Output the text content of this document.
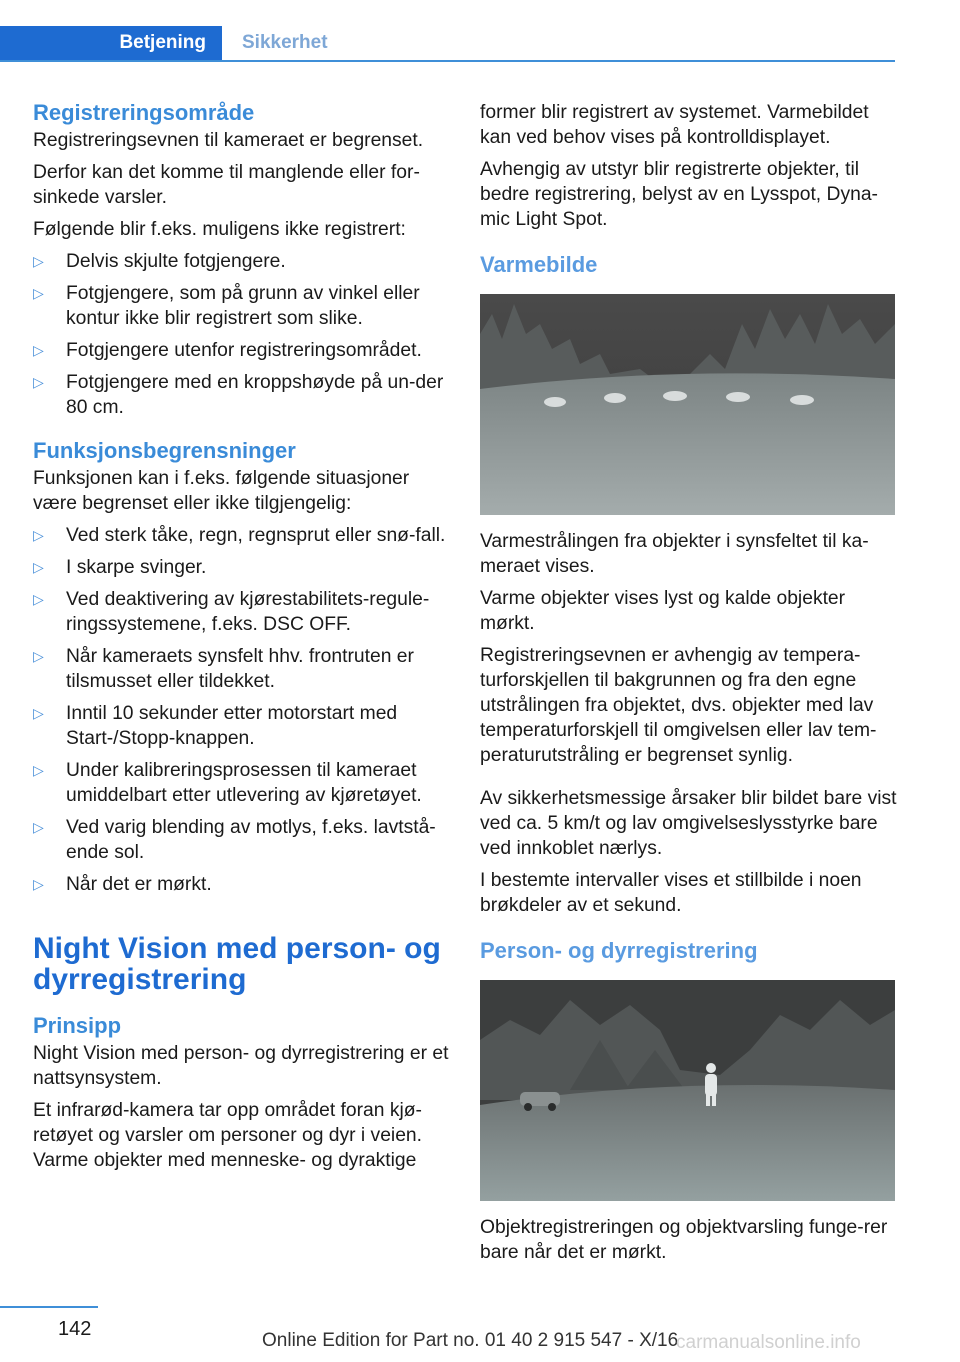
Betjening	Sikkerhet
Registreringsområde

Registreringsevnen til kameraet er begrenset.

Derfor kan det komme til manglende eller for-sinkede varsler.

Følgende blir f.eks. muligens ikke registrert:

▷ Delvis skjulte fotgjengere.
▷ Fotgjengere, som på grunn av vinkel eller kontur ikke blir registrert som slike.
▷ Fotgjengere utenfor registreringsområdet.
▷ Fotgjengere med en kroppshøyde på un-der 80 cm.
Funksjonsbegrensninger

Funksjonen kan i f.eks. følgende situasjoner være begrenset eller ikke tilgjengelig:

▷ Ved sterk tåke, regn, regnsprut eller snø-fall.
▷ I skarpe svinger.
▷ Ved deaktivering av kjørestabilitets-regule-ringssystemene, f.eks. DSC OFF.
▷ Når kameraets synsfelt hhv. frontruten er tilsmusset eller tildekket.
▷ Inntil 10 sekunder etter motorstart med Start-/Stopp-knappen.
▷ Under kalibreringsprosessen til kameraet umiddelbart etter utlevering av kjøretøyet.
▷ Ved varig blending av motlys, f.eks. lavtstå-ende sol.
▷ Når det er mørkt.
Night Vision med person- og dyrregistrering
Prinsipp

Night Vision med person- og dyrregistrering er et nattsynsystem.

Et infrarød-kamera tar opp området foran kjø-retøyet og varsler om personer og dyr i veien. Varme objekter med menneske- og dyraktige

former blir registrert av systemet. Varmebildet kan ved behov vises på kontrolldisplayet.

Avhengig av utstyr blir registrerte objekter, til bedre registrering, belyst av en Lysspot, Dyna-mic Light Spot.

Varmebilde

Varmestrålingen fra objekter i synsfeltet til ka-meraet vises.

Varme objekter vises lyst og kalde objekter mørkt.

Registreringsevnen er avhengig av tempera-turforskjellen til bakgrunnen og fra den egne utstrålingen fra objektet, dvs. objekter med lav temperaturforskjell til omgivelsen eller lav tem-peraturutstråling er begrenset synlig.

Av sikkerhetsmessige årsaker blir bildet bare vist ved ca. 5 km/t og lav omgivelseslysstyrke bare ved innkoblet nærlys.

I bestemte intervaller vises et stillbilde i noen brøkdeler av et sekund.

Person- og dyrregistrering

Objektregistreringen og objektvarsling funge-rer bare når det er mørkt.

142
Online Edition for Part no. 01 40 2 915 547 - X/16
carmanualsonline.info
